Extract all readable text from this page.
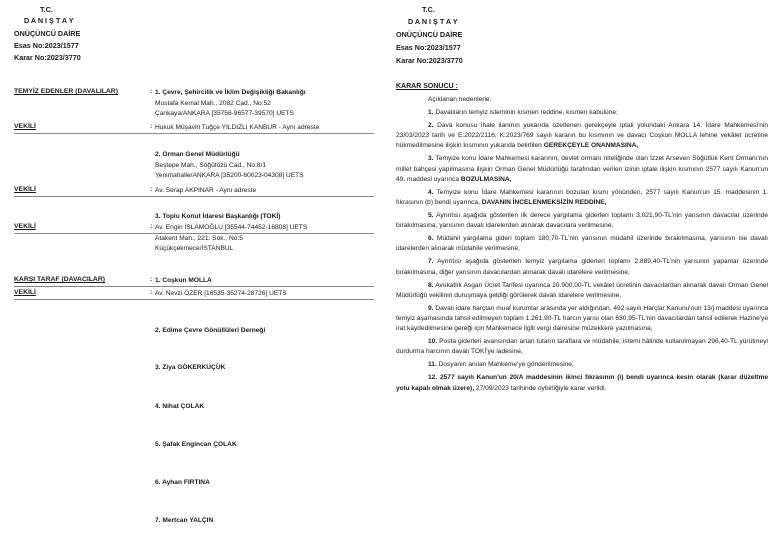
T.C.
D A N I Ş T A Y
ONÜÇÜNCÜ DAİRE
Esas No:2023/1577
Karar No:2023/3770
TEMYİZ EDENLER (DAVALILAR)	: 1. Çevre, Şehircilik ve İklim Değişikliği Bakanlığı
Mustafa Kemal Mah., 2082 Cad., No:52
Çankaya/ANKARA [35756-96577-39570] UETS
VEKİLİ	: Hukuk Müşaviri Tuğçe YILDIZLI KANBUR - Aynı adreste
2. Orman Genel Müdürlüğü
Beştepe Mah., Söğütözü Cad., No:8/1
Yenimahalle/ANKARA [35200-60023-04308] UETS
VEKİLİ	: Av. Serap AKPINAR - Aynı adreste
3. Toplu Konut İdaresi Başkanlığı (TOKİ)
VEKİLİ	: Av. Engin İSLAMOĞLU [35544-74452-16808] UETS
Atakent Mah., 221. Sok., No:5
Küçükçekmece/İSTANBUL
KARŞI TARAF (DAVACILAR)	: 1. Coşkun MOLLA
VEKİLİ	: Av. Nevzi ÖZER [16535-35274-28726] UETS
2. Edime Çevre Gönüllüleri Derneği
3. Ziya GÖKERKÜÇÜK
4. Nihat ÇOLAK
5. Şafak Engincan ÇOLAK
6. Ayhan FIRTINA
7. Mertcan YALÇIN
T.C.
D A N I Ş T A Y
ONÜÇÜNCÜ DAİRE
Esas No:2023/1577
Karar No:2023/3770
KARAR SONUCU :

Açıklanan nedenlerle;

1. Davalıların temyiz isteminin kısmen reddine, kısmen kabulüne;

2. Dava konusu ihale ilanının yukarıda özetlenen gerekçeyle iptali yolundaki Ankara 14. İdare Mahkemesi'nin 23/03/2023 tarih ve E:2022/2116, K:2023/769 sayılı kararın bu kısmının ve davacı Coşkun MOLLA lehine vekâlet ücretine hükmedilmesine ilişkin kısmının yukarıda belirtilen GEREKÇEYLE ONANMASINA,

3. Temyize konu İdare Mahkemesi kararının, devlet ormanı niteliğinde olan İzzet Arseven Söğütlük Kent Ormanı'nın millet bahçesi yapılmasına ilişkin Orman Genel Müdürlüğü tarafından verilen izinin iptale ilişkin kısmının 2577 sayılı Kanun'un 49. maddesi uyarınca BOZULMASINA,

4. Temyize konu İdare Mahkemesi kararının bozulan kısmı yönünden, 2577 sayılı Kanun'un 15. maddesinin 1. fıkrasının (b) bendi uyarınca, DAVANIN İNCELENMEKSİZİN REDDİNE,

5. Ayrıntısı aşağıda gösterilen ilk derece yargılama giderleri toplamı 3.021,90-TL'nin yarısının davacılar üzerinde bırakılmasına, yarısının davalı idarelerden alınarak davacılara verilmesine,

6. Müdahil yargılama gideri toplam 180,70-TL'nin yarısının müdahil üzerinde bırakılmasına, yarısının ise davalı idarelerden alınarak müdahile verilmesine,

7. Ayrıntısı aşağıda gösterilen temyiz yargılama giderleri toplamı 2.889,40-TL'nin yarısının yapanlar üzerinde bırakılmasına, diğer yarısının davacılardan alınarak davalı idarelere verilmesine,

8. Avukatlık Asgari Ücret Tarifesi uyarınca 20.900,00-TL vekâlet ücretinin davacılardan alınarak davalı Orman Genel Müdürlüğü vekilinin duruşmaya geldiği görülerek davalı idarelere verilmesine,

9. Davalı idare harçtan muaf kurumlar arasında yer aldığından, 492 sayılı Harçlar Kanunu'nun 13/j maddesi uyarınca temyiz aşamasında tahsil edilmeyen toplam 1.261,90-TL harcın yarısı olan 630,95-TL'nin davacılardan tahsil edilerek Hazine'ye irat kaydedilmesine gereği için Mahkemece ilgili vergi dairesine müzekkere yazılmasına,

10. Posta giderleri avansından artan tutarın taraflara ve müdahile; istemi hâlinde kullanılmayan 296,40-TL yürütmeyi durdurma harcının davalı TOKİ'ye iadesine,

11. Dosyanın anılan Mahkeme'ye gönderilmesine,

12. 2577 sayılı Kanun'un 20/A maddesinin ikinci fıkrasının (i) bendi uyarınca kesin olarak (karar düzeltme yolu kapalı olmak üzere), 27/09/2023 tarihinde oybirliğiyle karar verildi.
